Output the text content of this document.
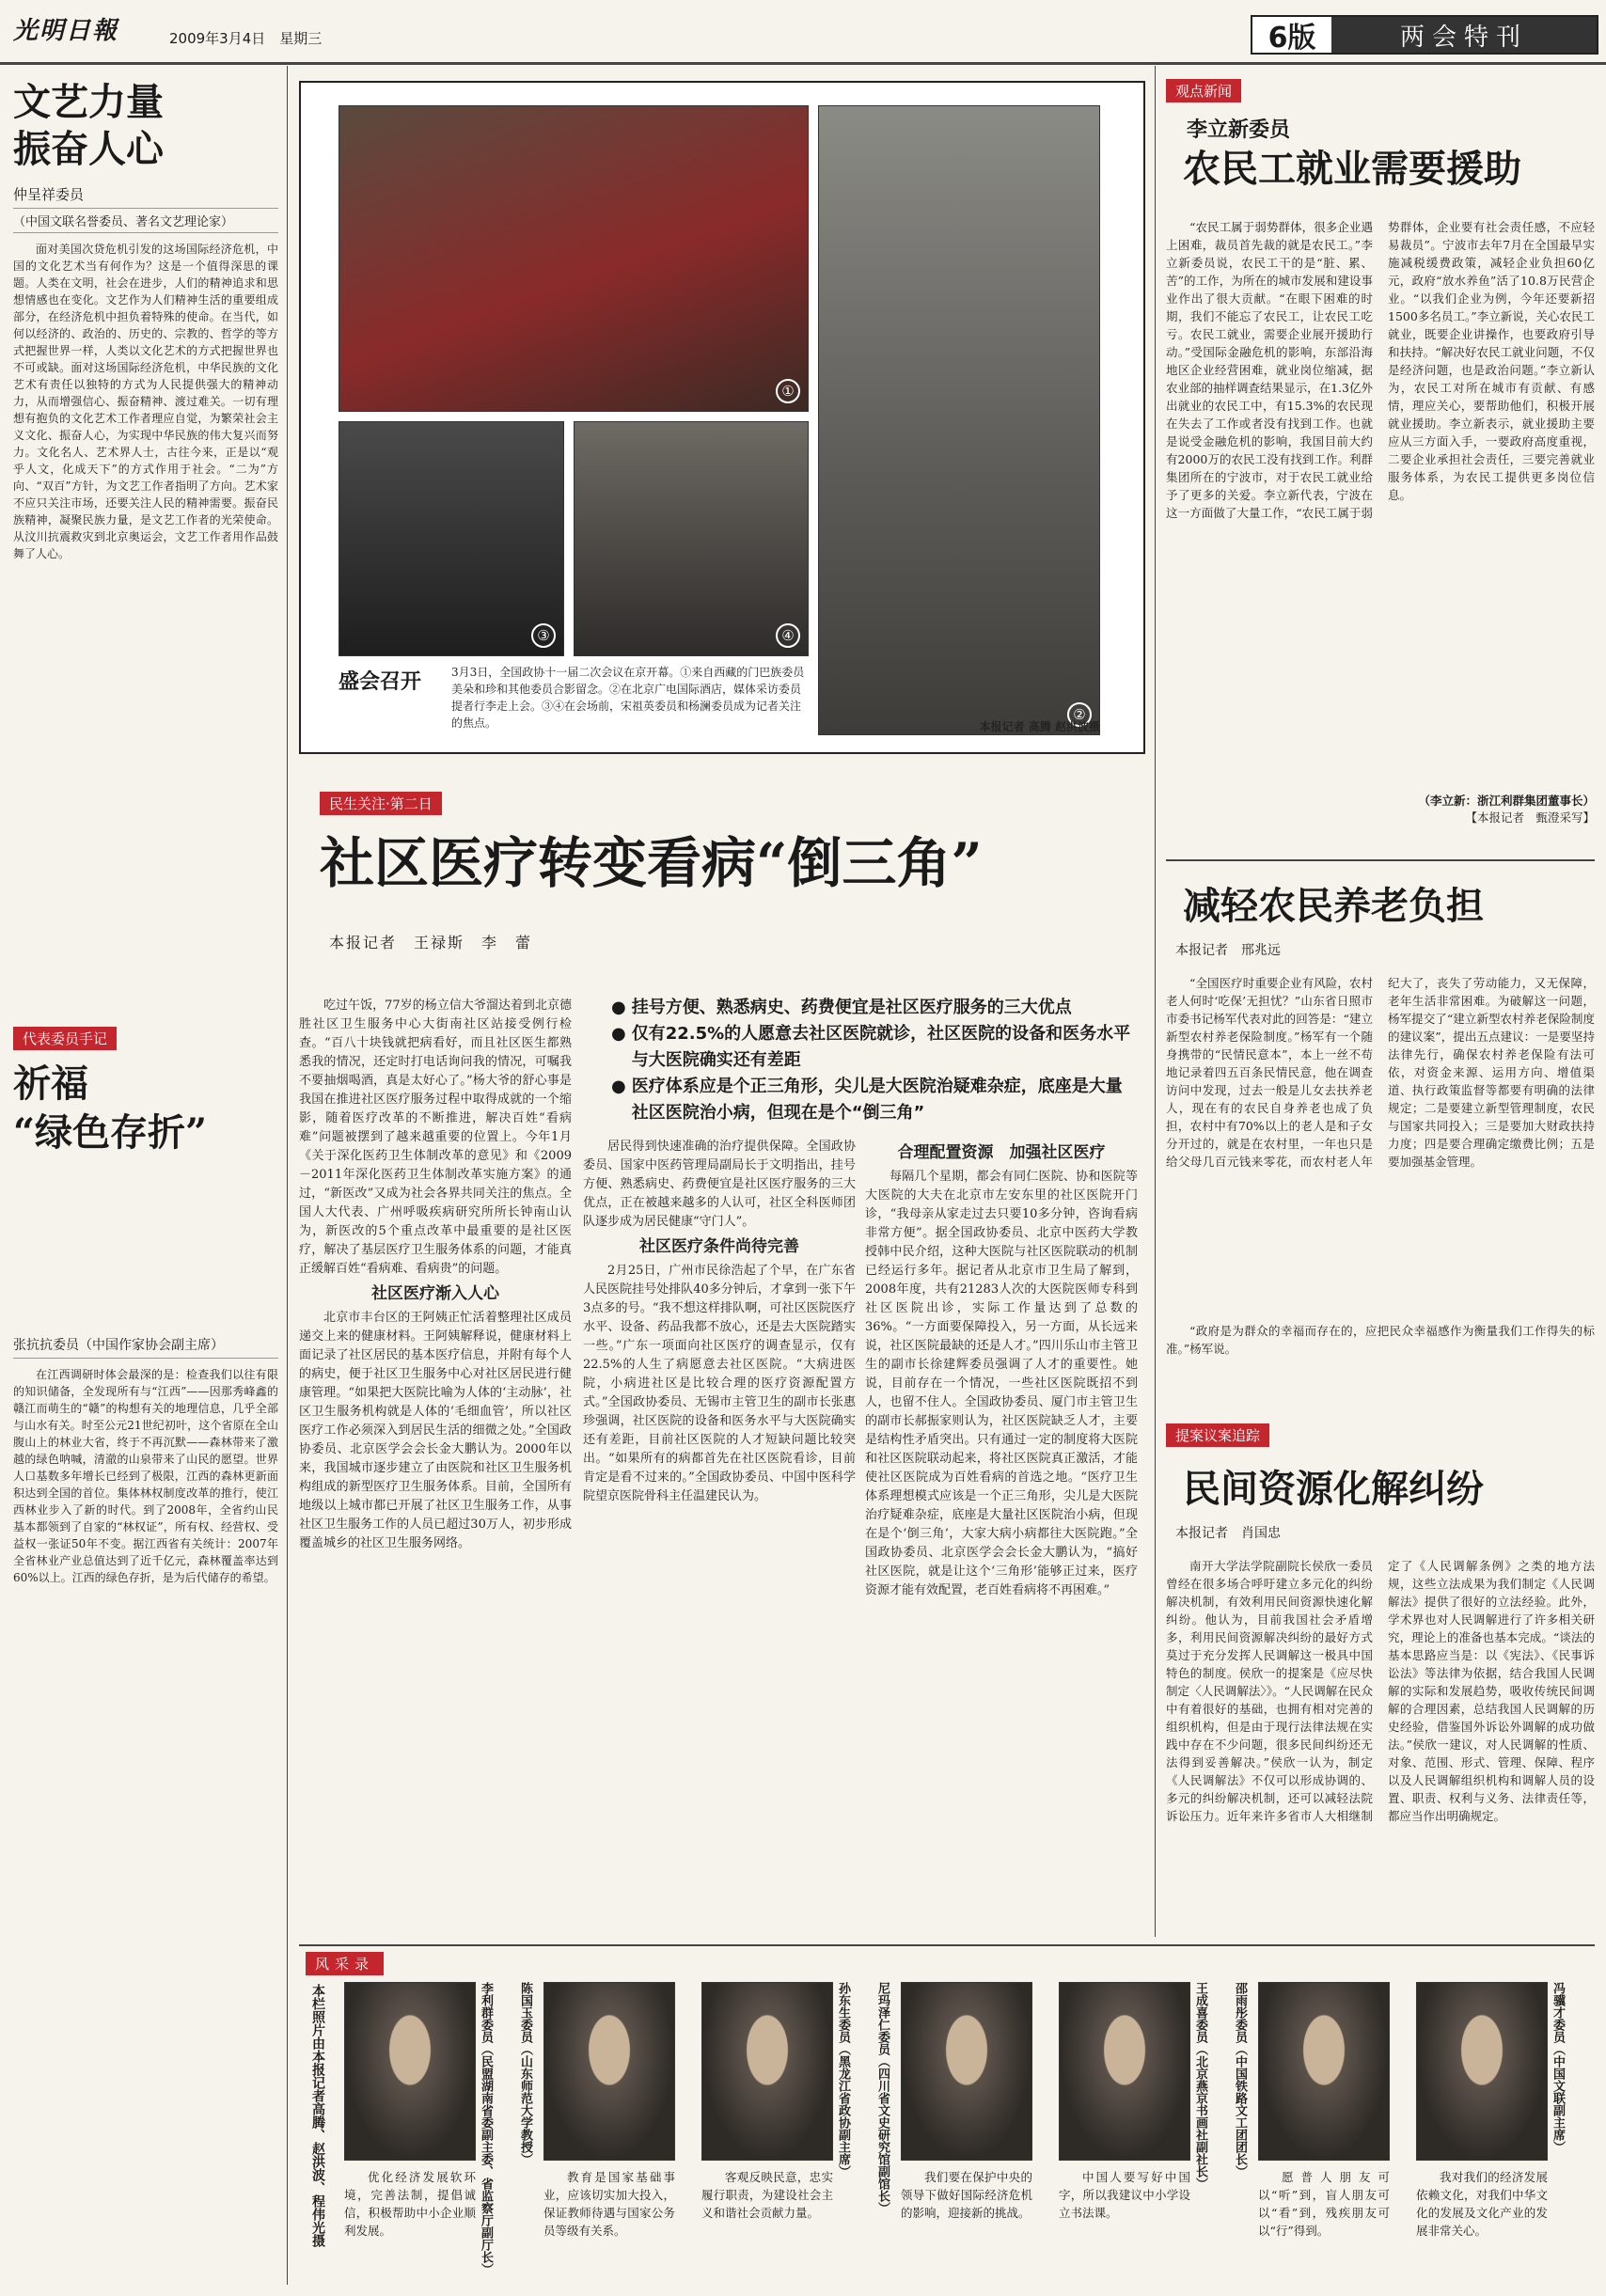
光明日報	2009年3月4日　星期三	6版	两会特刊
文艺力量
振奋人心
仲呈祥委员
（中国文联名誉委员、著名文艺理论家）
面对美国次贷危机引发的这场国际经济危机，中国的文化艺术当有何作为？这是一个值得深思的课题。人类在文明，社会在进步，人们的精神追求和思想情感也在变化。文艺作为人们精神生活的重要组成部分，在经济危机中担负着特殊的使命。在当代，如何以经济的、政治的、历史的、宗教的、哲学的等方式把握世界一样，人类以文化艺术的方式把握世界也不可或缺。面对这场国际经济危机，中华民族的文化艺术有责任以独特的方式为人民提供强大的精神动力，从而增强信心、振奋精神、渡过难关。一切有理想有抱负的文化艺术工作者理应自觉，为繁荣社会主义文化、振奋人心，为实现中华民族的伟大复兴而努力。文化名人、艺术界人士，古往今来，正是以“观乎人文，化成天下”的方式作用于社会。“二为”方向、“双百”方针，为文艺工作者指明了方向。艺术家不应只关注市场，还要关注人民的精神需要。振奋民族精神，凝聚民族力量，是文艺工作者的光荣使命。从汶川抗震救灾到北京奥运会，文艺工作者用作品鼓舞了人心。
代表委员手记
祈福
“绿色存折”
张抗抗委员（中国作家协会副主席）
在江西调研时体会最深的是：检查我们以往有限的知识储备，全发现所有与“江西”——因那秀峰鑫的赣江而萌生的“赣”的构想有关的地理信息，几乎全部与山水有关。时至公元21世纪初叶，这个省原在全山腹山上的林业大省，终于不再沉默——森林带来了激越的绿色呐喊，清澈的山泉带来了山民的愿望。世界人口基数多年增长已经到了极限，江西的森林更新面积达到全国的首位。集体林权制度改革的推行，使江西林业步入了新的时代。到了2008年，全省约山民基本都领到了自家的“林权证”，所有权、经营权、受益权一张证50年不变。据江西省有关统计：2007年全省林业产业总值达到了近千亿元，森林覆盖率达到60%以上。江西的绿色存折，是为后代储存的希望。
①
②
③	④
盛会召开	3月3日，全国政协十一届二次会议在京开幕。①来自西藏的门巴族委员美朵和珍和其他委员合影留念。②在北京广电国际酒店，媒体采访委员提者行李走上会。③④在会场前，宋祖英委员和杨澜委员成为记者关注的焦点。	本报记者 高腾 赵洪波摄
民生关注·第二日
社区医疗转变看病“倒三角”
本报记者　王禄斯　李　蕾
● 挂号方便、熟悉病史、药费便宜是社区医疗服务的三大优点
● 仅有22.5%的人愿意去社区医院就诊，社区医院的设备和医务水平与大医院确实还有差距
● 医疗体系应是个正三角形，尖儿是大医院治疑难杂症，底座是大量社区医院治小病，但现在是个“倒三角”
吃过午饭，77岁的杨立信大爷溜达着到北京德胜社区卫生服务中心大街南社区站接受例行检查。“百八十块钱就把病看好，而且社区医生都熟悉我的情况，还定时打电话询问我的情况，可嘱我不要抽烟喝酒，真是太好心了。”杨大爷的舒心事是我国在推进社区医疗服务过程中取得成就的一个缩影，随着医疗改革的不断推进，解决百姓“看病难”问题被摆到了越来越重要的位置上。今年1月《关于深化医药卫生体制改革的意见》和《2009－2011年深化医药卫生体制改革实施方案》的通过，“新医改”又成为社会各界共同关注的焦点。全国人大代表、广州呼吸疾病研究所所长钟南山认为，新医改的5个重点改革中最重要的是社区医疗，解决了基层医疗卫生服务体系的问题，才能真正缓解百姓“看病难、看病贵”的问题。
社区医疗渐入人心
北京市丰台区的王阿姨正忙活着整理社区成员递交上来的健康材料。王阿姨解释说，健康材料上面记录了社区居民的基本医疗信息，并附有每个人的病史，便于社区卫生服务中心对社区居民进行健康管理。“如果把大医院比喻为人体的‘主动脉’，社区卫生服务机构就是人体的‘毛细血管’，所以社区医疗工作必须深入到居民生活的细微之处。”全国政协委员、北京医学会会长金大鹏认为。2000年以来，我国城市逐步建立了由医院和社区卫生服务机构组成的新型医疗卫生服务体系。目前，全国所有地级以上城市都已开展了社区卫生服务工作，从事社区卫生服务工作的人员已超过30万人，初步形成覆盖城乡的社区卫生服务网络。
居民得到快速准确的治疗提供保障。全国政协委员、国家中医药管理局副局长于文明指出，挂号方便、熟悉病史、药费便宜是社区医疗服务的三大优点，正在被越来越多的人认可，社区全科医师团队逐步成为居民健康“守门人”。
社区医疗条件尚待完善
2月25日，广州市民徐浩起了个早，在广东省人民医院挂号处排队40多分钟后，才拿到一张下午3点多的号。“我不想这样排队啊，可社区医院医疗水平、设备、药品我都不放心，还是去大医院踏实一些。”广东一项面向社区医疗的调查显示，仅有22.5%的人生了病愿意去社区医院。“大病进医院，小病进社区是比较合理的医疗资源配置方式。”全国政协委员、无锡市主管卫生的副市长张惠珍强调，社区医院的设备和医务水平与大医院确实还有差距，目前社区医院的人才短缺问题比较突出。“如果所有的病都首先在社区医院看诊，目前肯定是看不过来的。”全国政协委员、中国中医科学院望京医院骨科主任温建民认为。
合理配置资源　加强社区医疗
每隔几个星期，都会有同仁医院、协和医院等大医院的大夫在北京市左安东里的社区医院开门诊，“我母亲从家走过去只要10多分钟，咨询看病非常方便”。据全国政协委员、北京中医药大学教授韩中民介绍，这种大医院与社区医院联动的机制已经运行多年。据记者从北京市卫生局了解到，2008年度，共有21283人次的大医院医师专科到社区医院出诊，实际工作量达到了总数的36%。“一方面要保障投入，另一方面，从长远来说，社区医院最缺的还是人才。”四川乐山市主管卫生的副市长徐建辉委员强调了人才的重要性。她说，目前存在一个情况，一些社区医院既招不到人，也留不住人。全国政协委员、厦门市主管卫生的副市长郝振家则认为，社区医院缺乏人才，主要是结构性矛盾突出。只有通过一定的制度将大医院和社区医院联动起来，将社区医院真正激活，才能使社区医院成为百姓看病的首选之地。“医疗卫生体系理想模式应该是一个正三角形，尖儿是大医院治疗疑难杂症，底座是大量社区医院治小病，但现在是个‘倒三角’，大家大病小病都往大医院跑。”全国政协委员、北京医学会会长金大鹏认为，“搞好社区医院，就是让这个‘三角形’能够正过来，医疗资源才能有效配置，老百姓看病将不再困难。”
观点新闻
李立新委员
农民工就业需要援助
“农民工属于弱势群体，很多企业遇上困难，裁员首先裁的就是农民工。”李立新委员说，农民工干的是“脏、累、苦”的工作，为所在的城市发展和建设事业作出了很大贡献。“在眼下困难的时期，我们不能忘了农民工，让农民工吃亏。农民工就业，需要企业展开援助行动。”受国际金融危机的影响，东部沿海地区企业经营困难，就业岗位缩减，据农业部的抽样调查结果显示，在1.3亿外出就业的农民工中，有15.3%的农民现在失去了工作或者没有找到工作。也就是说受金融危机的影响，我国目前大约有2000万的农民工没有找到工作。利群集团所在的宁波市，对于农民工就业给予了更多的关爱。李立新代表，宁波在这一方面做了大量工作，“农民工属于弱势群体，企业要有社会责任感，不应轻易裁员”。宁波市去年7月在全国最早实施减税缓费政策，减轻企业负担60亿元，政府“放水养鱼”活了10.8万民营企业。“以我们企业为例，今年还要新招1500多名员工。”李立新说，关心农民工就业，既要企业讲操作，也要政府引导和扶持。“解决好农民工就业问题，不仅是经济问题，也是政治问题。”李立新认为，农民工对所在城市有贡献、有感情，理应关心，要帮助他们，积极开展就业援助。李立新表示，就业援助主要应从三方面入手，一要政府高度重视，二要企业承担社会责任，三要完善就业服务体系，为农民工提供更多岗位信息。
（李立新：浙江利群集团董事长）
【本报记者　甄澄采写】
减轻农民养老负担
本报记者　邢兆远
“全国医疗时重要企业有风险，农村老人何时‘吃保’无担忧？”山东省日照市市委书记杨军代表对此的回答是：“建立新型农村养老保险制度。”杨军有一个随身携带的“民情民意本”，本上一丝不苟地记录着四五百条民情民意，他在调查访问中发现，过去一般是儿女去扶养老人，现在有的农民自身养老也成了负担，农村中有70%以上的老人是和子女分开过的，就是在农村里，一年也只是给父母几百元钱来零花，而农村老人年纪大了，丧失了劳动能力，又无保障，老年生活非常困难。为破解这一问题，杨军提交了“建立新型农村养老保险制度的建议案”，提出五点建议：一是要坚持法律先行，确保农村养老保险有法可依，对资金来源、运用方向、增值渠道、执行政策监督等都要有明确的法律规定；二是要建立新型管理制度，农民与国家共同投入；三是要加大财政扶持力度；四是要合理确定缴费比例；五是要加强基金管理。
“政府是为群众的幸福而存在的，应把民众幸福感作为衡量我们工作得失的标准。”杨军说。
提案议案追踪
民间资源化解纠纷
本报记者　肖国忠
南开大学法学院副院长侯欣一委员曾经在很多场合呼吁建立多元化的纠纷解决机制，有效利用民间资源快速化解纠纷。他认为，目前我国社会矛盾增多，利用民间资源解决纠纷的最好方式莫过于充分发挥人民调解这一极具中国特色的制度。侯欣一的提案是《应尽快制定〈人民调解法〉》。“人民调解在民众中有着很好的基础，也拥有相对完善的组织机构，但是由于现行法律法规在实践中存在不少问题，很多民间纠纷还无法得到妥善解决。”侯欣一认为，制定《人民调解法》不仅可以形成协调的、多元的纠纷解决机制，还可以减轻法院诉讼压力。近年来许多省市人大相继制定了《人民调解条例》之类的地方法规，这些立法成果为我们制定《人民调解法》提供了很好的立法经验。此外，学术界也对人民调解进行了许多相关研究，理论上的准备也基本完成。“谈法的基本思路应当是：以《宪法》、《民事诉讼法》等法律为依据，结合我国人民调解的实际和发展趋势，吸收传统民间调解的合理因素，总结我国人民调解的历史经验，借鉴国外诉讼外调解的成功做法。”侯欣一建议，对人民调解的性质、对象、范围、形式、管理、保障、程序以及人民调解组织机构和调解人员的设置、职责、权利与义务、法律责任等，都应当作出明确规定。
风采录
本栏照片由本报记者高腾、赵洪波、程伟光摄	李利群委员（民盟湖南省委副主委、省监察厅副厅长）
优化经济发展软环境，完善法制，提倡诚信，积极帮助中小企业顺利发展。
陈国玉委员（山东师范大学教授）
教育是国家基础事业，应该切实加大投入，保证教师待遇与国家公务员等级有关系。
孙东生委员（黑龙江省政协副主席）
客观反映民意，忠实履行职责，为建设社会主义和谐社会贡献力量。	尼玛泽仁委员（四川省文史研究馆副馆长）	我们要在保护中央的领导下做好国际经济危机的影响，迎接新的挑战。
王成喜委员（北京燕京书画社副社长）
中国人要写好中国字，所以我建议中小学设立书法课。
邵雨彤委员（中国铁路文工团团长）	愿普人朋友可以“听”到，盲人朋友可以“看”到，残疾朋友可以“行”得到。
冯骥才委员（中国文联副主席）
我对我们的经济发展依赖文化，对我们中华文化的发展及文化产业的发展非常关心。
